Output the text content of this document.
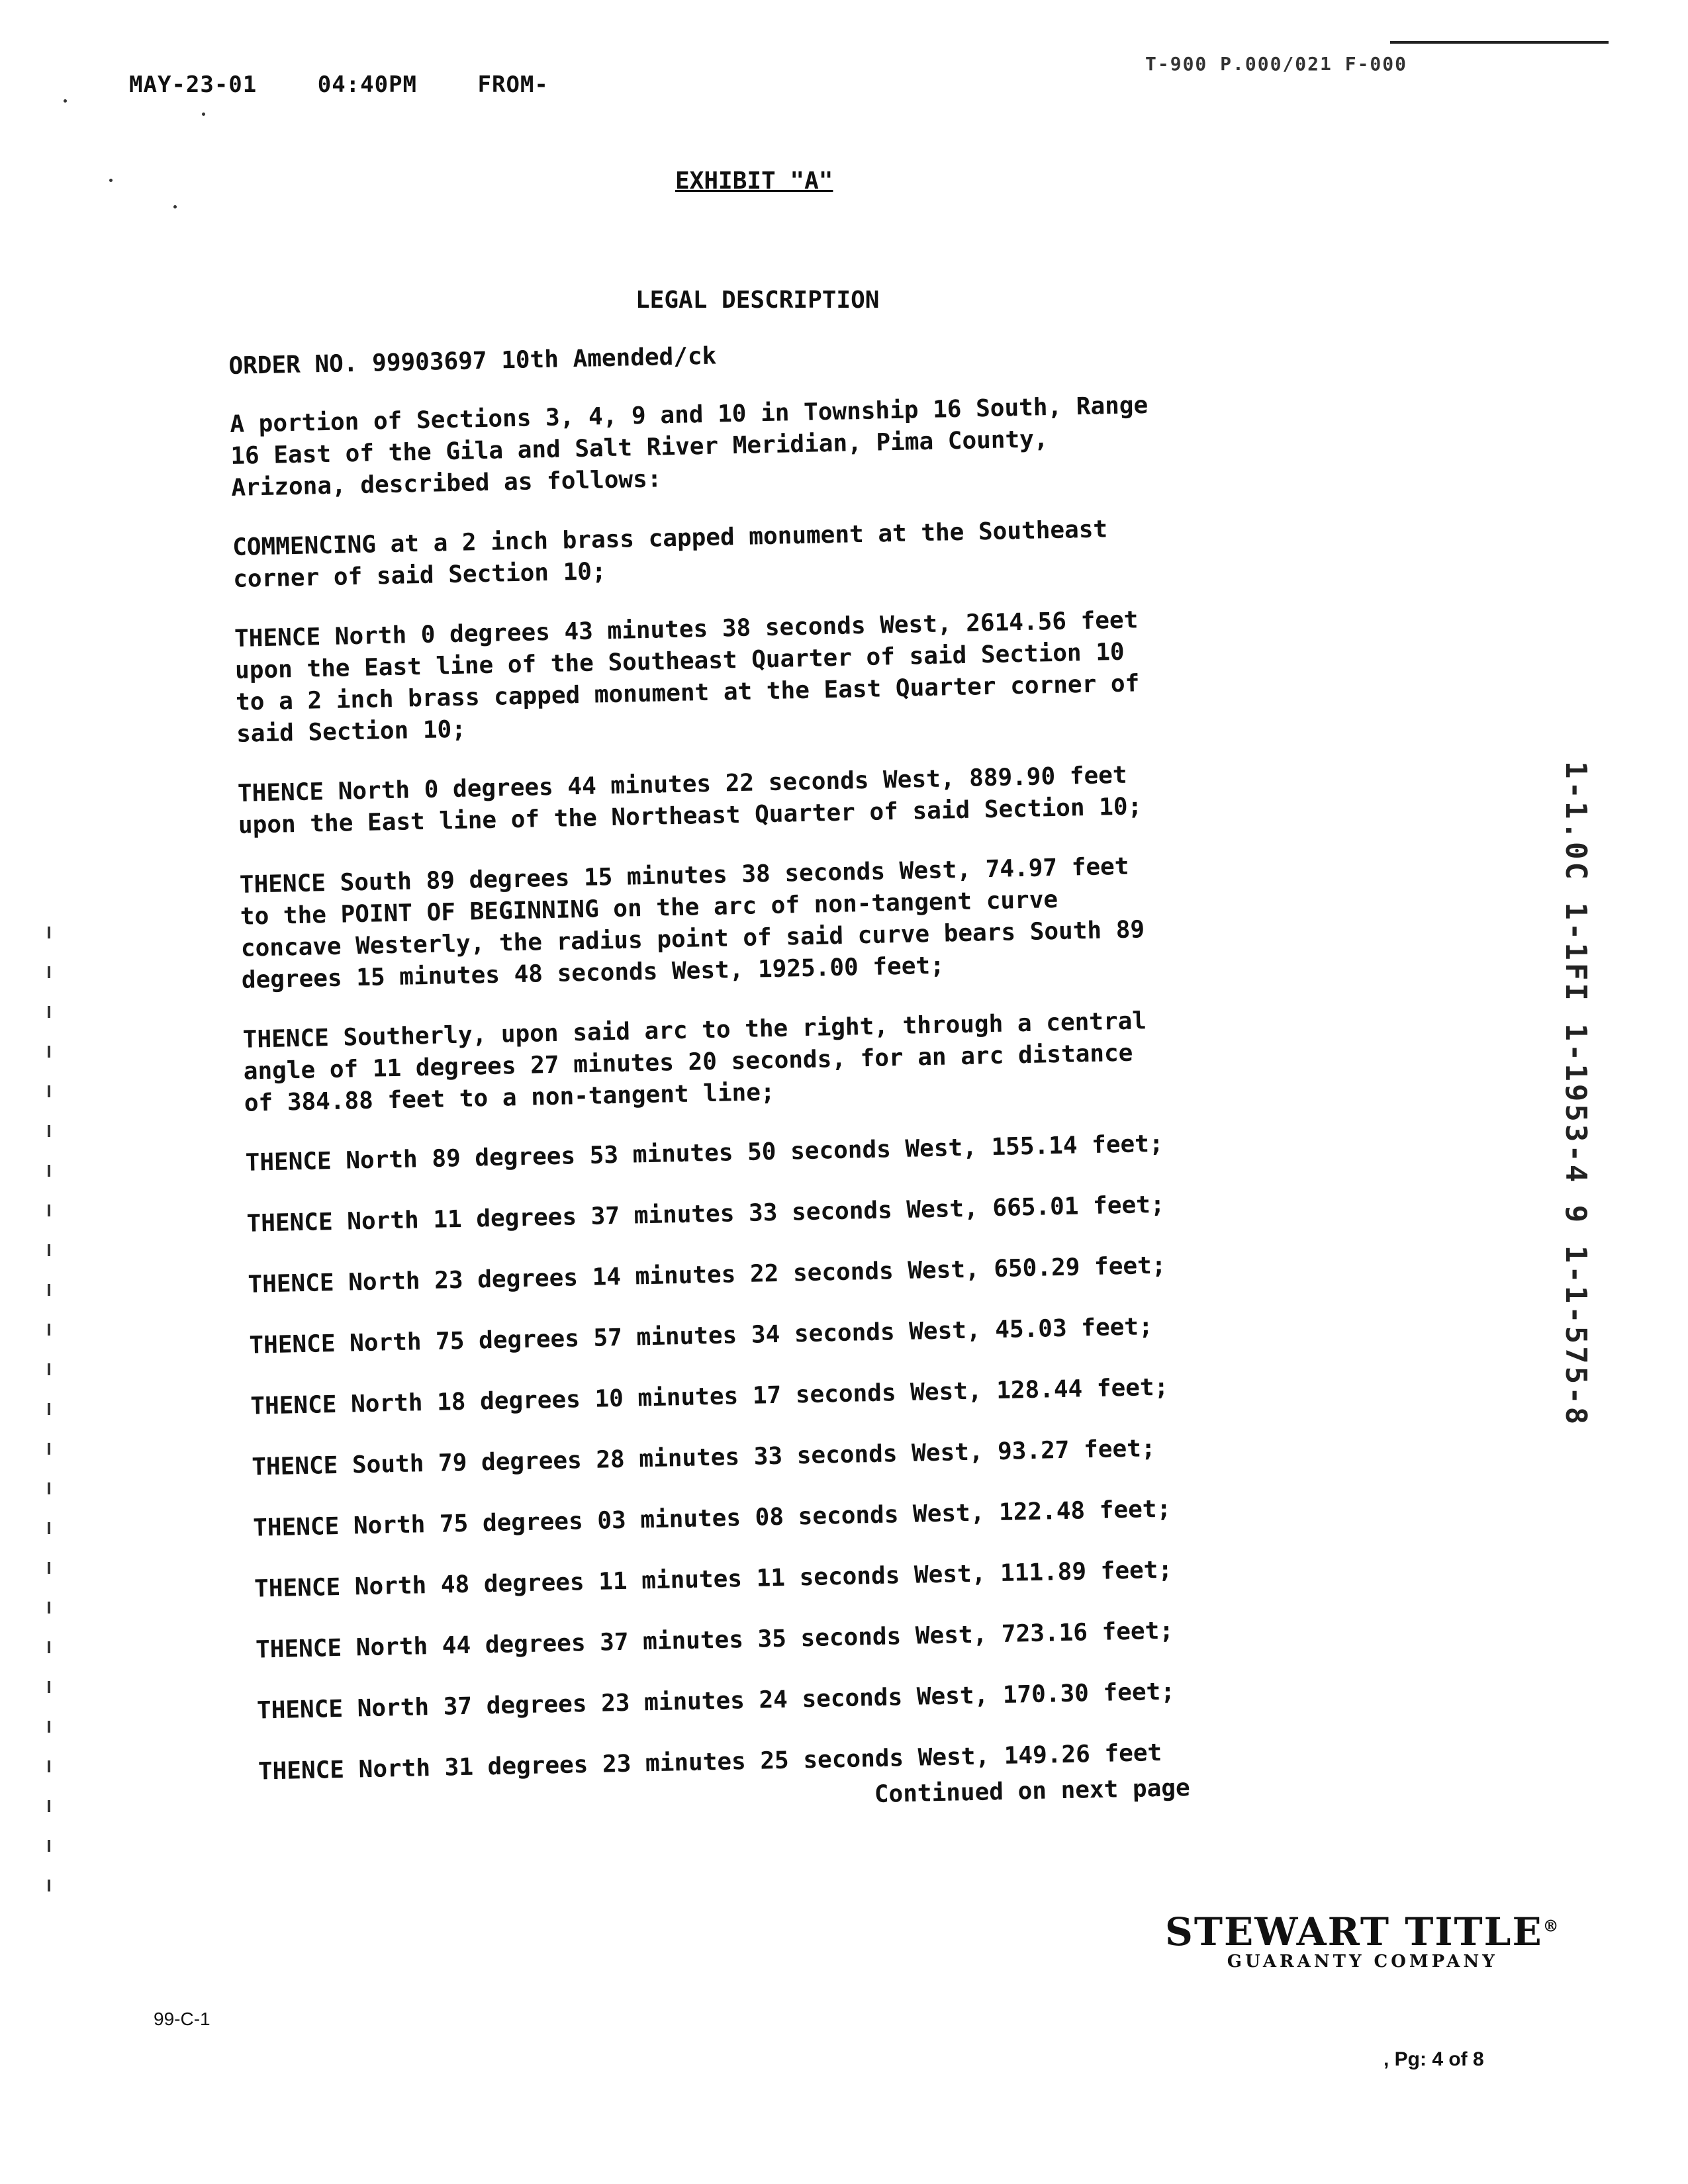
MAY-23-01	04:40PM	FROM-
T-900 P.000/021 F-000
EXHIBIT "A"
LEGAL DESCRIPTION
ORDER NO. 99903697 10th Amended/ck
A portion of Sections 3, 4, 9 and 10 in Township 16 South, Range
16 East of the Gila and Salt River Meridian, Pima County,
Arizona, described as follows:
COMMENCING at a 2 inch brass capped monument at the Southeast
corner of said Section 10;
THENCE North 0 degrees 43 minutes 38 seconds West, 2614.56 feet
upon the East line of the Southeast Quarter of said Section 10
to a 2 inch brass capped monument at the East Quarter corner of
said Section 10;
THENCE North 0 degrees 44 minutes 22 seconds West, 889.90 feet
upon the East line of the Northeast Quarter of said Section 10;
THENCE South 89 degrees 15 minutes 38 seconds West, 74.97 feet
to the POINT OF BEGINNING on the arc of non-tangent curve
concave Westerly, the radius point of said curve bears South 89
degrees 15 minutes 48 seconds West, 1925.00 feet;
THENCE Southerly, upon said arc to the right, through a central
angle of 11 degrees 27 minutes 20 seconds, for an arc distance
of 384.88 feet to a non-tangent line;
THENCE North 89 degrees 53 minutes 50 seconds West, 155.14 feet;
THENCE North 11 degrees 37 minutes 33 seconds West, 665.01 feet;
THENCE North 23 degrees 14 minutes 22 seconds West, 650.29 feet;
THENCE North 75 degrees 57 minutes 34 seconds West, 45.03 feet;
THENCE North 18 degrees 10 minutes 17 seconds West, 128.44 feet;
THENCE South 79 degrees 28 minutes 33 seconds West, 93.27 feet;
THENCE North 75 degrees 03 minutes 08 seconds West, 122.48 feet;
THENCE North 48 degrees 11 minutes 11 seconds West, 111.89 feet;
THENCE North 44 degrees 37 minutes 35 seconds West, 723.16 feet;
THENCE North 37 degrees 23 minutes 24 seconds West, 170.30 feet;
THENCE North 31 degrees 23 minutes 25 seconds West, 149.26 feet
Continued on next page
1-1.0C 1-1FI 1-1953-4 9 1-1-575-8
STEWART TITLE®
GUARANTY COMPANY
99-C-1
, Pg: 4 of 8
